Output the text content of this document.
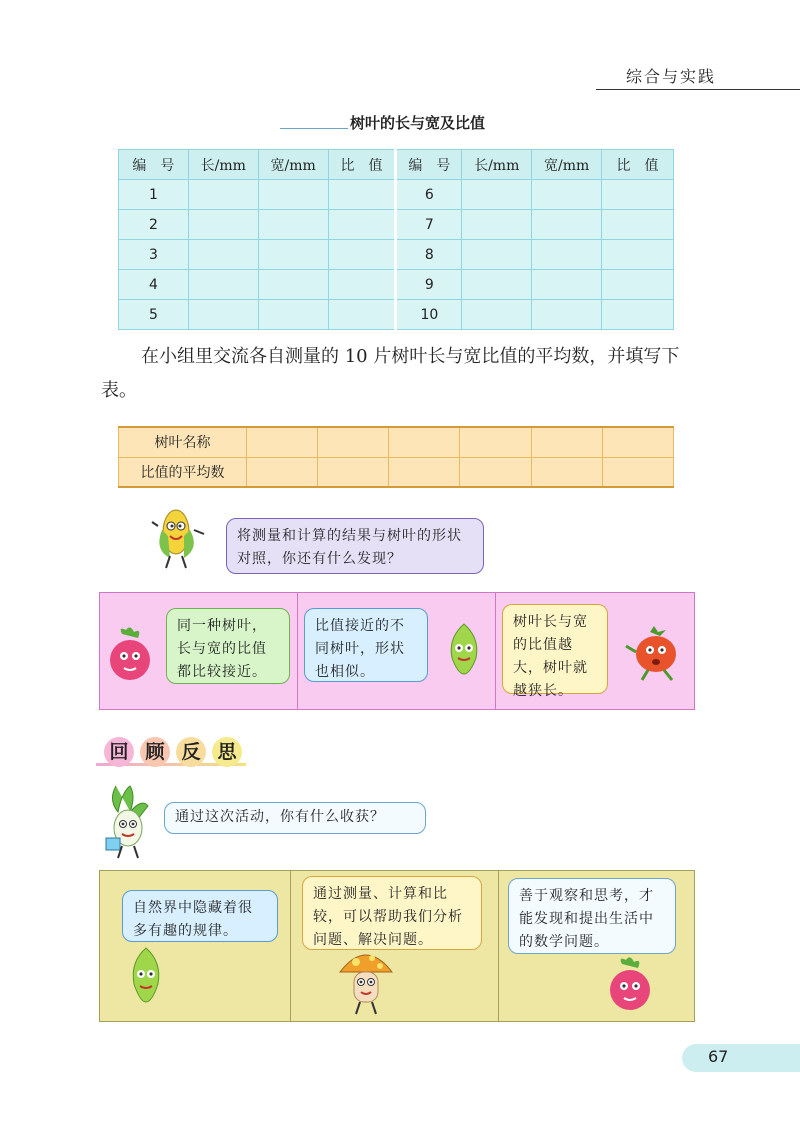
综合与实践
树叶的长与宽及比值
编　号	长/mm	宽/mm	比　值	编　号	长/mm	宽/mm	比　值
1				6			
2				7			
3				8			
4				9			
5				10			

在小组里交流各自测量的 10 片树叶长与宽比值的平均数，并填写下表。

树叶名称						
比值的平均数						
将测量和计算的结果与树叶的形状对照，你还有什么发现？
同一种树叶，长与宽的比值都比较接近。
比值接近的不同树叶，形状也相似。
树叶长与宽的比值越大，树叶就越狭长。
回 顾 反 思
通过这次活动，你有什么收获？
自然界中隐藏着很多有趣的规律。
通过测量、计算和比较，可以帮助我们分析问题、解决问题。
善于观察和思考，才能发现和提出生活中的数学问题。
67
